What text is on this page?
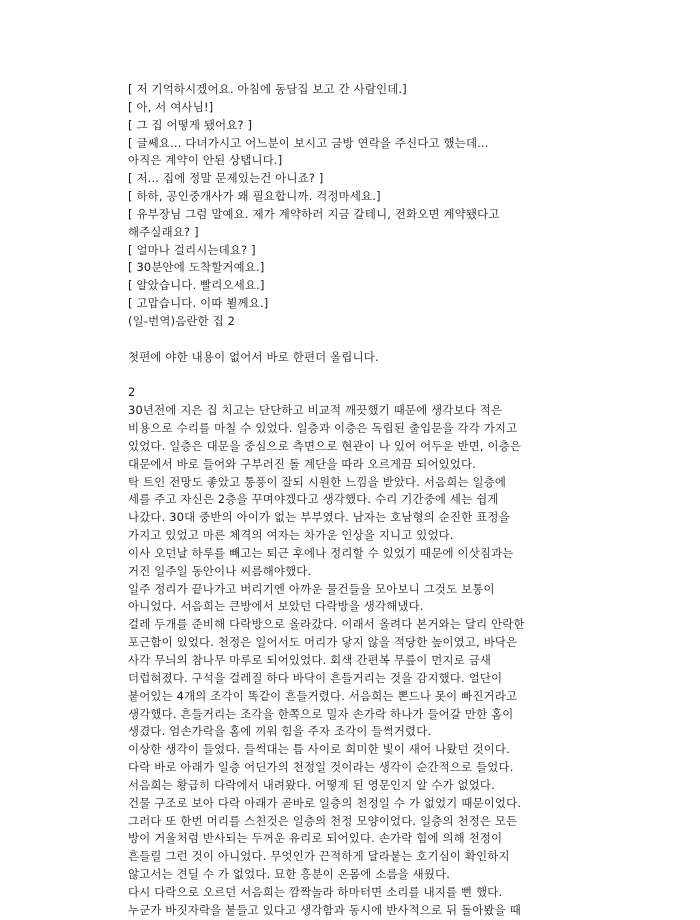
[ 저 기억하시겠어요. 아침에 동담집 보고 간 사람인데.]
[ 아, 서 여사님!]
[ 그 집 어떻게 됐어요? ]
[ 글쎄요... 다녀가시고 어느분이 보시고 금방 연락을 주신다고 했는데...
아직은 계약이 안된 상탭니다.]
[ 저... 집에 정말 문제있는건 아니죠? ]
[ 하하, 공인중개사가 왜 필요합니까. 걱정마세요.]
[ 유부장님 그럼 말예요. 제가 계약하러 지금 갈테니, 전화오면 계약됐다고
해주실래요? ]
[ 얼마나 걸리시는데요? ]
[ 30분안에 도착할거예요.]
[ 알았습니다. 빨리오세요.]
[ 고맙습니다. 이따 뵐께요.]
(일-번역)음란한 집 2
첫편에 야한 내용이 없어서 바로 한편더 올립니다.
2
30년전에 지은 집 치고는 단단하고 비교적 깨끗했기 때문에 생각보다 적은
비용으로 수리를 마칠 수 있었다. 일층과 이층은 독립된 출입문을 각각 가지고
있었다. 일층은 대문을 중심으로 측면으로 현관이 나 있어 어두운 반면, 이층은
대문에서 바로 들어와 구부러진 돌 계단을 따라 오르게끔 되어있었다.
탁 트인 전망도 좋았고 통풍이 잘되 시원한 느낌을 받았다. 서음희는 일층에
세를 주고 자신은 2층을 꾸며야겠다고 생각했다. 수리 기간중에 세는 쉽게
나갔다. 30대 중반의 아이가 없는 부부였다. 남자는 호남형의 순진한 표정을
가지고 있었고 마른 체격의 여자는 차가운 인상을 지니고 있었다.
이사 오던날 하루를 빼고는 퇴근 후에나 정리할 수 있었기 때문에 이삿짐과는
거진 일주일 동안이나 씨름해야했다.
일주 정리가 끝나가고 버리기엔 아까운 물건들을 모아보니 그것도 보통이
아니었다. 서음희는 큰방에서 보았던 다락방을 생각해냈다.
걸레 두개를 준비해 다락방으로 올라갔다. 이래서 올려다 본거와는 달리 안락한
포근함이 있었다. 천정은 일어서도 머리가 닿지 않을 적당한 높이였고, 바닥은
사각 무늬의 참나무 마루로 되어있었다. 회색 간편복 무릎이 먼지로 금새
더럽혀졌다. 구석을 걸레질 하다 바닥이 흔들거리는 것을 감지했다. 얼단이
붙어있는 4개의 조각이 똑같이 흔들거렸다. 서음희는 뽄드나 못이 빠진거라고
생각했다. 흔들거리는 조각을 한쪽으로 밀자 손가락 하나가 들어갈 만한 홈이
생겼다. 엄손가락을 홈에 끼워 힘을 주자 조각이 들썩거렸다.
이상한 생각이 들었다. 들썩대는 틈 사이로 희미한 빛이 새어 나왔던 것이다.
다락 바로 아래가 일층 어딘가의 천정일 것이라는 생각이 순간적으로 들었다.
서음희는 황급히 다락에서 내려왔다. 어떻게 된 영문인지 알 수가 없었다.
건물 구조로 보아 다락 아래가 곧바로 일층의 천정일 수 가 없었기 때문이었다.
그러다 또 한번 머리를 스친것은 일층의 천정 모양이었다. 일층의 천정은 모든
방이 거울처럼 반사되는 두꺼운 유리로 되어있다. 손가락 힘에 의해 천정이
흔들릴 그런 것이 아니었다. 무엇인가 끈적하게 달라붙는 호기심이 확인하지
않고서는 견딜 수 가 없었다. 묘한 흥분이 온몸에 소름을 새웠다.
다시 다락으로 오르던 서음희는 깜짝놀라 하마터면 소리를 내지를 뻔 했다.
누군가 바짓자락을 붙들고 있다고 생각함과 동시에 반사적으로 뒤 돌아봤을 때
